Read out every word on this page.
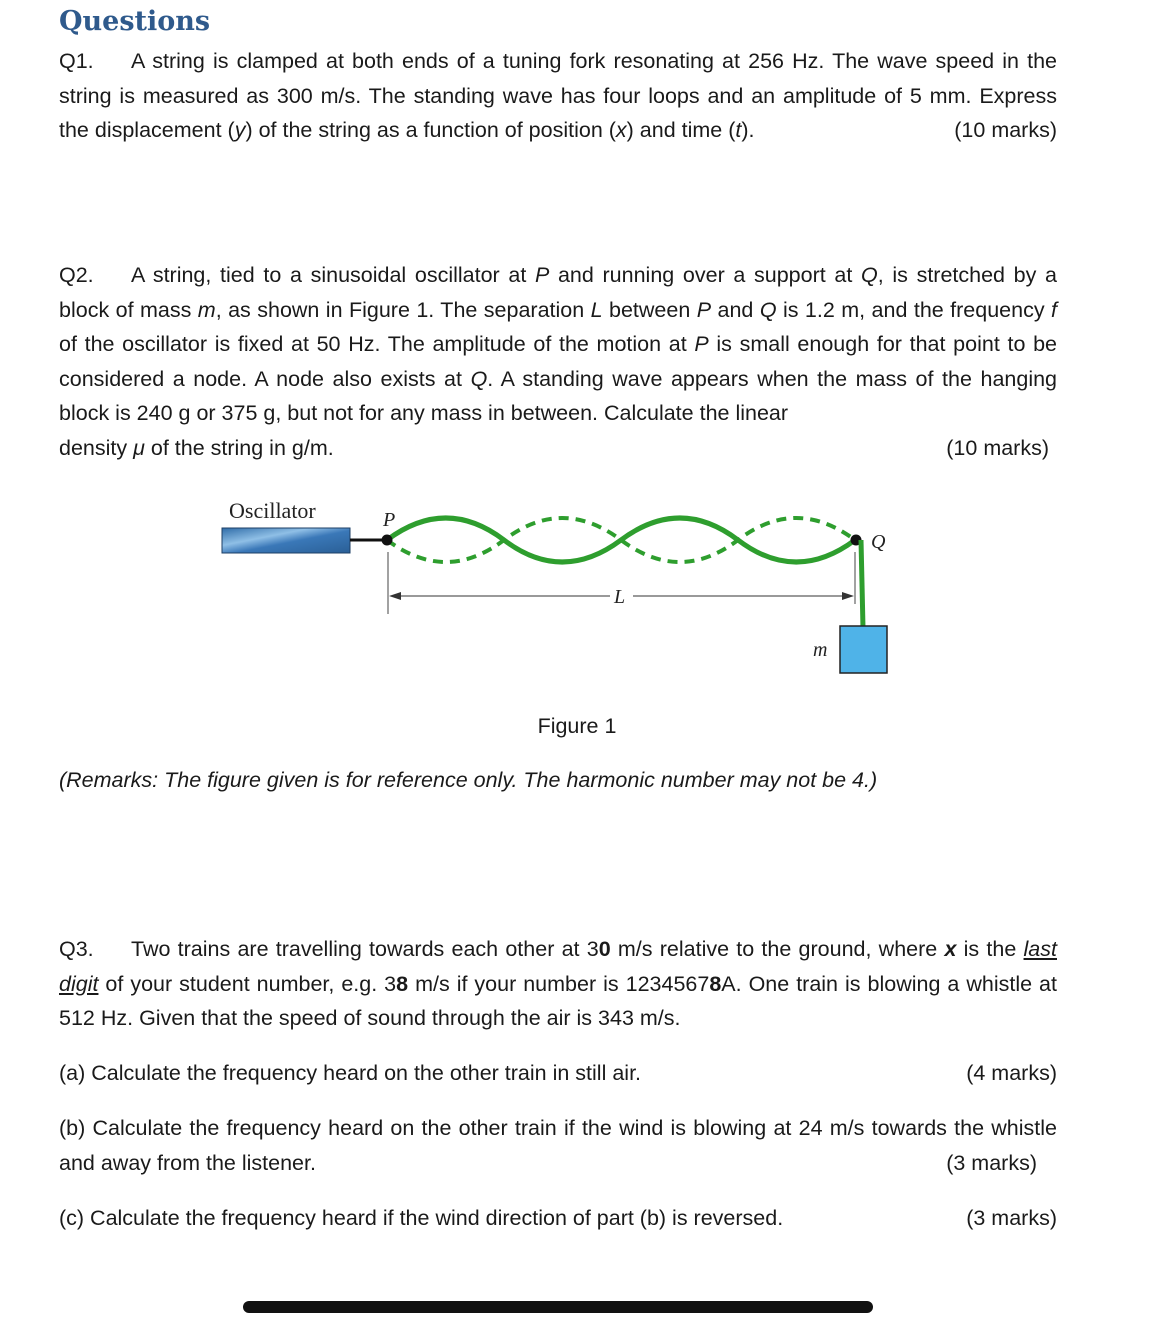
Questions

Q1. A string is clamped at both ends of a tuning fork resonating at 256 Hz. The wave speed in the string is measured as 300 m/s. The standing wave has four loops and an amplitude of 5 mm. Express the displacement (y) of the string as a function of position (x) and time (t).	(10 marks)

Q2. A string, tied to a sinusoidal oscillator at P and running over a support at Q, is stretched by a block of mass m, as shown in Figure 1. The separation L between P and Q is 1.2 m, and the frequency f of the oscillator is fixed at 50 Hz. The amplitude of the motion at P is small enough for that point to be considered a node. A node also exists at Q. A standing wave appears when the mass of the hanging block is 240 g or 375 g, but not for any mass in between. Calculate the linear

density μ of the string in g/m.	(10 marks)
Oscillator	P
Q
m
L
Figure 1
(Remarks: The figure given is for reference only. The harmonic number may not be 4.)

Q3. Two trains are travelling towards each other at 30 m/s relative to the ground, where x is the last digit of your student number, e.g. 38 m/s if your number is 12345678A. One train is blowing a whistle at 512 Hz. Given that the speed of sound through the air is 343 m/s.

(a) Calculate the frequency heard on the other train in still air.	(4 marks)

(b) Calculate the frequency heard on the other train if the wind is blowing at 24 m/s towards the whistle and away from the listener.	(3 marks)
(c) Calculate the frequency heard if the wind direction of part (b) is reversed.	(3 marks)
